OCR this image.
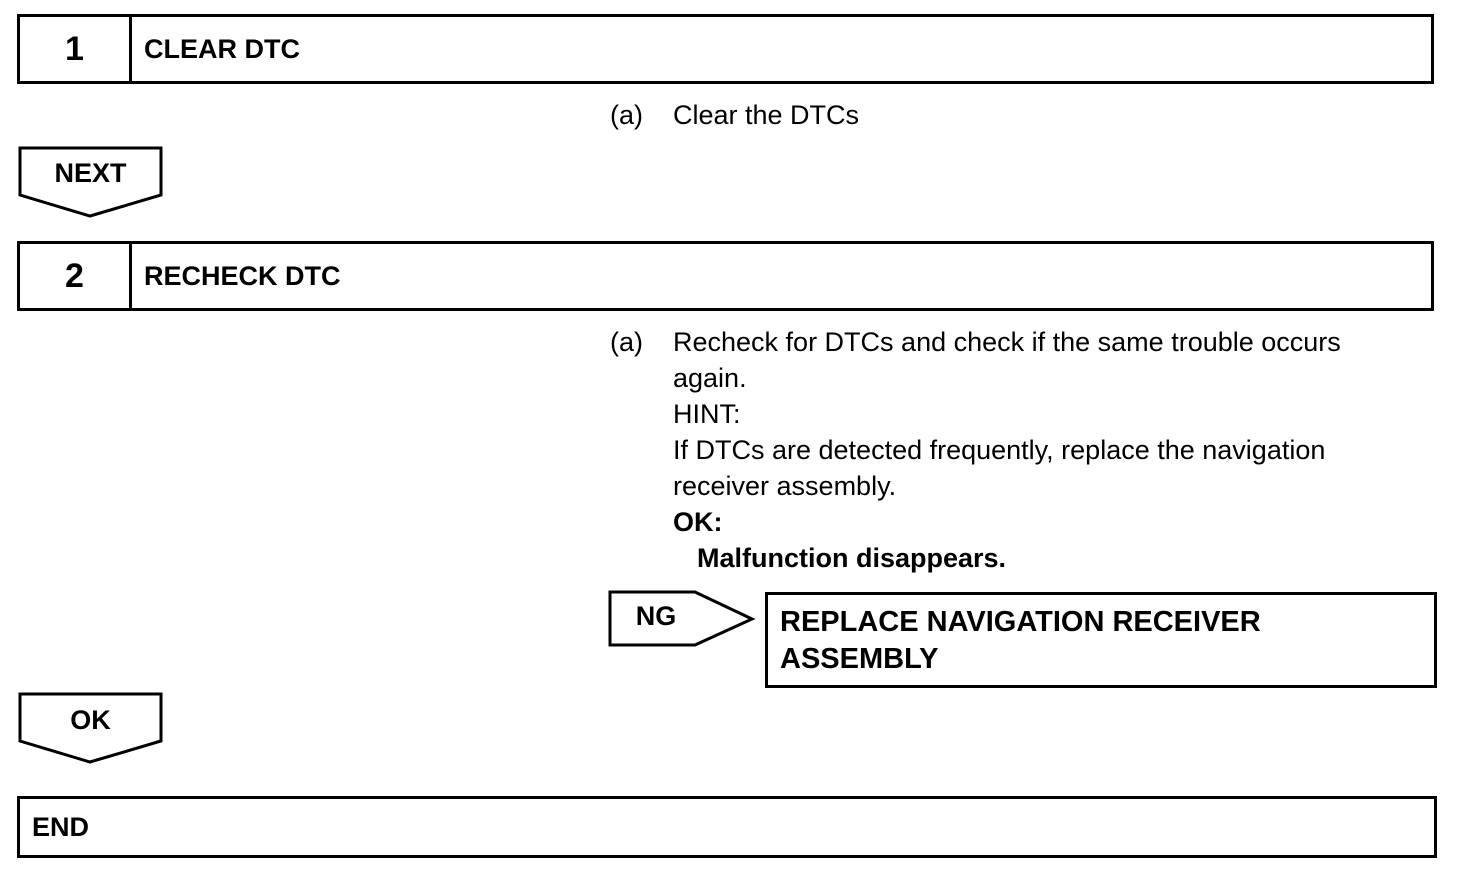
1	CLEAR DTC
(a) Clear the DTCs
NEXT
2	RECHECK DTC
(a) Recheck for DTCs and check if the same trouble occurs
again.
HINT:
If DTCs are detected frequently, replace the navigation
receiver assembly.
OK:
Malfunction disappears.
NG	REPLACE NAVIGATION RECEIVER
ASSEMBLY
OK
END
